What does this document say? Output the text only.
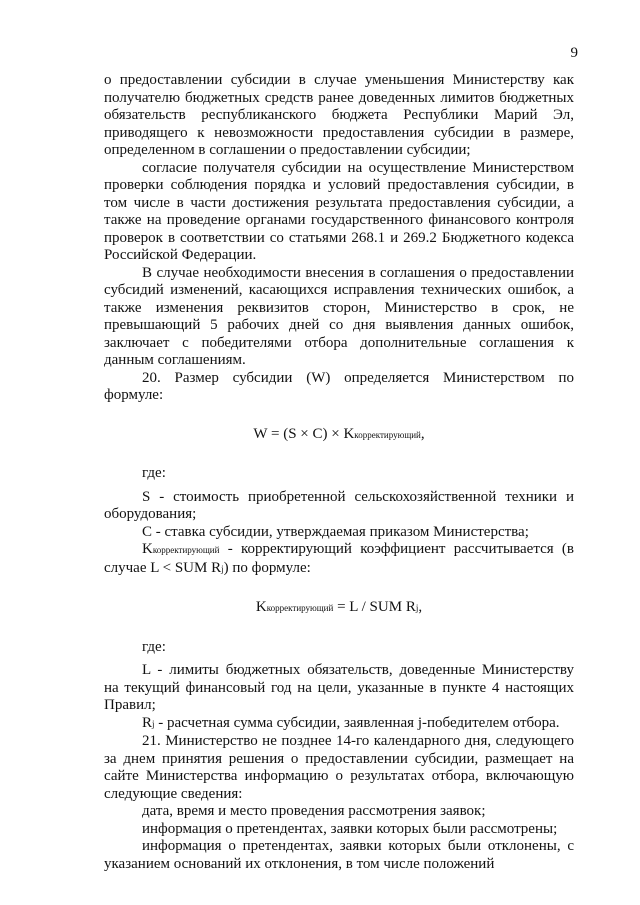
9

о предоставлении субсидии в случае уменьшения Министерству как получателю бюджетных средств ранее доведенных лимитов бюджетных обязательств республиканского бюджета Республики Марий Эл, приводящего к невозможности предоставления субсидии в размере, определенном в соглашении о предоставлении субсидии;

согласие получателя субсидии на осуществление Министерством проверки соблюдения порядка и условий предоставления субсидии, в том числе в части достижения результата предоставления субсидии, а также на проведение органами государственного финансового контроля проверок в соответствии со статьями 268.1 и 269.2 Бюджетного кодекса Российской Федерации.

В случае необходимости внесения в соглашения о предоставлении субсидий изменений, касающихся исправления технических ошибок, а также изменения реквизитов сторон, Министерство в срок, не превышающий 5 рабочих дней со дня выявления данных ошибок, заключает с победителями отбора дополнительные соглашения к данным соглашениям.

20. Размер субсидии (W) определяется Министерством по формуле:

W = (S × C) × Kкорректирующий,

где:

S - стоимость приобретенной сельскохозяйственной техники и оборудования;

C - ставка субсидии, утверждаемая приказом Министерства;

Kкорректирующий - корректирующий коэффициент рассчитывается (в случае L < SUM Rj) по формуле:

Kкорректирующий = L / SUM Rj,

где:

L - лимиты бюджетных обязательств, доведенные Министерству на текущий финансовый год на цели, указанные в пункте 4 настоящих Правил;

Rj - расчетная сумма субсидии, заявленная j-победителем отбора.

21. Министерство не позднее 14-го календарного дня, следующего за днем принятия решения о предоставлении субсидии, размещает на сайте Министерства информацию о результатах отбора, включающую следующие сведения:

дата, время и место проведения рассмотрения заявок;

информация о претендентах, заявки которых были рассмотрены;

информация о претендентах, заявки которых были отклонены, с указанием оснований их отклонения, в том числе положений
